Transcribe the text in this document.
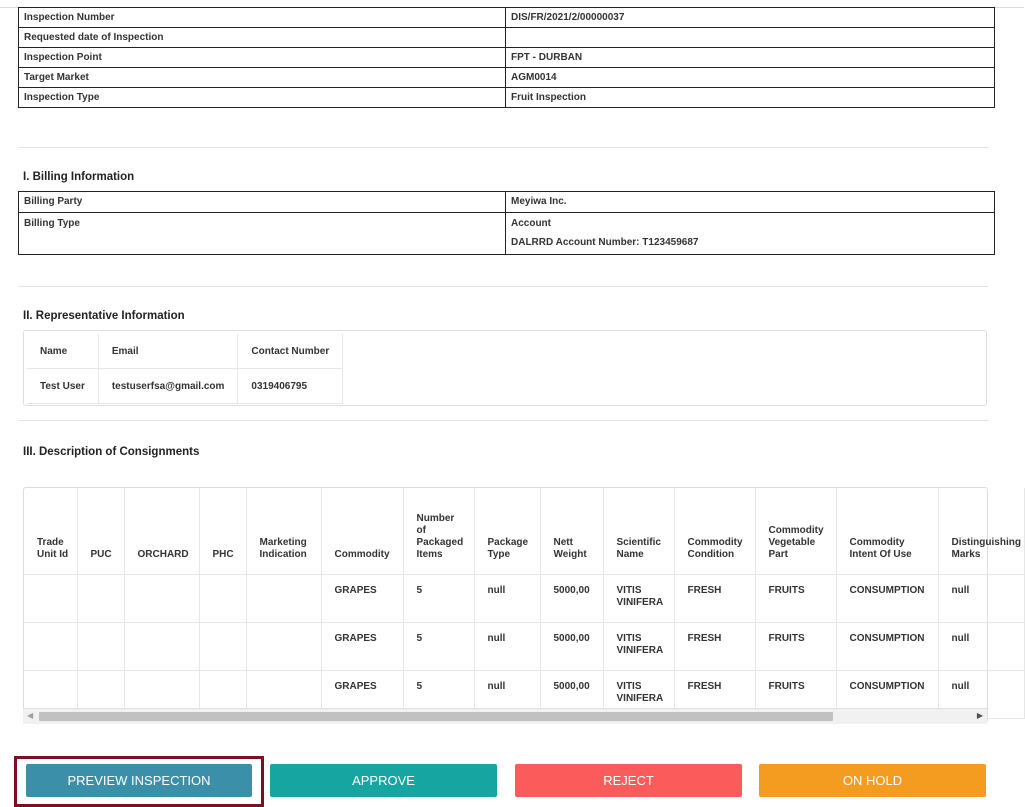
Inspection Number	DIS/FR/2021/2/00000037
Requested date of Inspection	
Inspection Point	FPT - DURBAN
Target Market	AGM0014
Inspection Type	Fruit Inspection
I. Billing Information
Billing Party	Meyiwa Inc.
Billing Type	Account
DALRRD Account Number: T123459687
II. Representative Information
Name	Email	Contact Number
Test User	testuserfsa@gmail.com	0319406795
III. Description of Consignments
Trade Unit Id	PUC	ORCHARD	PHC	Marketing Indication	Commodity	Number of Packaged Items	Package Type	Nett Weight	Scientific Name	Commodity Condition	Commodity Vegetable Part	Commodity Intent Of Use	Distinguishing Marks
					GRAPES	5	null	5000,00	VITIS VINIFERA	FRESH	FRUITS	CONSUMPTION	null
					GRAPES	5	null	5000,00	VITIS VINIFERA	FRESH	FRUITS	CONSUMPTION	null
					GRAPES	5	null	5000,00	VITIS VINIFERA	FRESH	FRUITS	CONSUMPTION	null
◀	▶
PREVIEW INSPECTION	APPROVE	REJECT	ON HOLD
